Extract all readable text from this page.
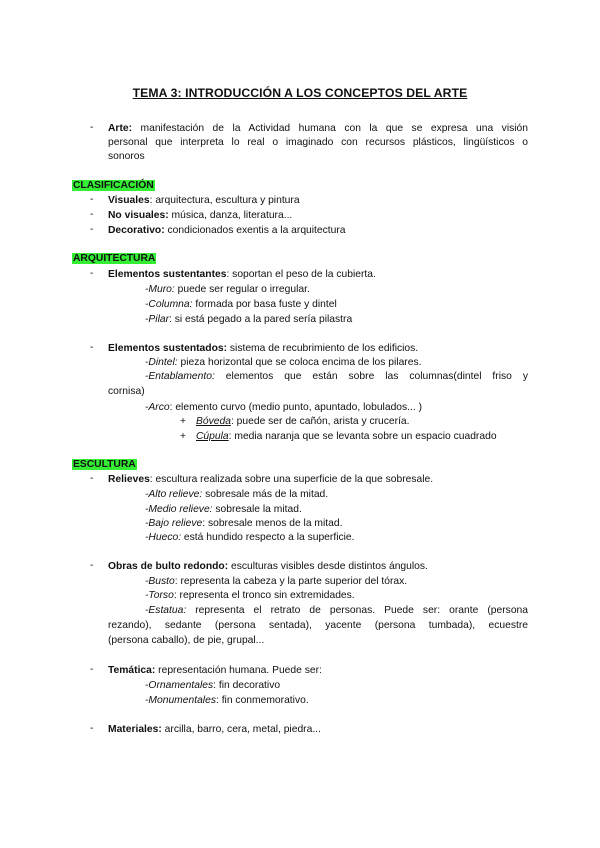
TEMA 3: INTRODUCCIÓN A LOS CONCEPTOS DEL ARTE
- Arte: manifestación de la Actividad humana con la que se expresa una visión
personal que interpreta lo real o imaginado con recursos plásticos, lingüísticos o
sonoros
CLASIFICACIÓN
- Visuales: arquitectura, escultura y pintura
- No visuales: música, danza, literatura...
- Decorativo: condicionados exentis a la arquitectura
ARQUITECTURA
- Elementos sustentantes: soportan el peso de la cubierta.
-Muro: puede ser regular o irregular.
-Columna: formada por basa fuste y dintel
-Pilar: si está pegado a la pared sería pilastra
- Elementos sustentados: sistema de recubrimiento de los edificios.
-Dintel: pieza horizontal que se coloca encima de los pilares.
-Entablamento: elementos que están sobre las columnas(dintel friso y
cornisa)
-Arco: elemento curvo (medio punto, apuntado, lobulados... )
+ Bóveda: puede ser de cañón, arista y crucería.
+ Cúpula: media naranja que se levanta sobre un espacio cuadrado
ESCULTURA
- Relieves: escultura realizada sobre una superficie de la que sobresale.
-Alto relieve: sobresale más de la mitad.
-Medio relieve: sobresale la mitad.
-Bajo relieve: sobresale menos de la mitad.
-Hueco: está hundido respecto a la superficie.
- Obras de bulto redondo: esculturas visibles desde distintos ángulos.
-Busto: representa la cabeza y la parte superior del tórax.
-Torso: representa el tronco sin extremidades.
-Estatua: representa el retrato de personas. Puede ser: orante (persona
rezando), sedante (persona sentada), yacente (persona tumbada), ecuestre
(persona caballo), de pie, grupal...
- Temática: representación humana. Puede ser:
-Ornamentales: fin decorativo
-Monumentales: fin conmemorativo.
- Materiales: arcilla, barro, cera, metal, piedra...
